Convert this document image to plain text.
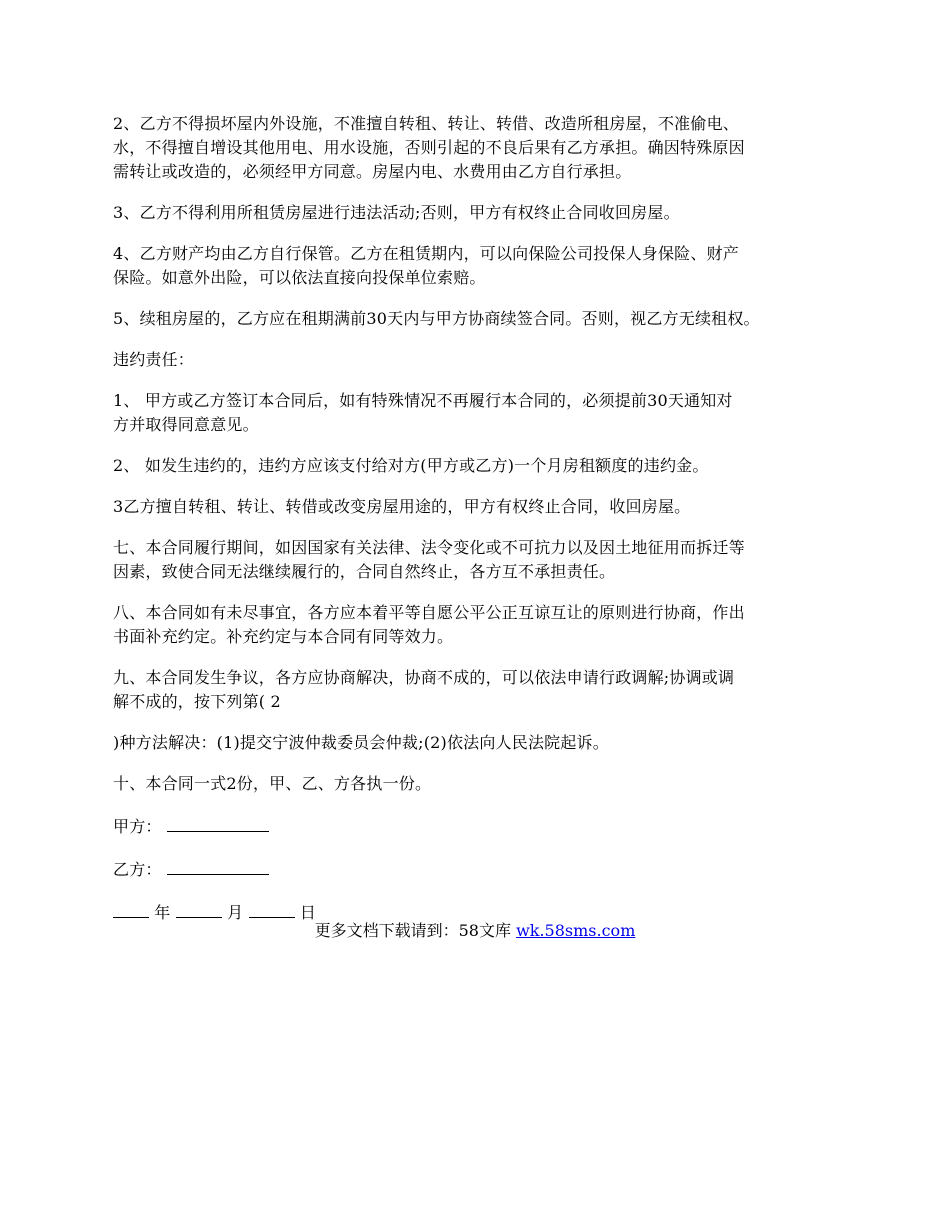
2、乙方不得损坏屋内外设施，不准擅自转租、转让、转借、改造所租房屋，不准偷电、
水，不得擅自增设其他用电、用水设施，否则引起的不良后果有乙方承担。确因特殊原因
需转让或改造的，必须经甲方同意。房屋内电、水费用由乙方自行承担。

3、乙方不得利用所租赁房屋进行违法活动;否则，甲方有权终止合同收回房屋。

4、乙方财产均由乙方自行保管。乙方在租赁期内，可以向保险公司投保人身保险、财产
保险。如意外出险，可以依法直接向投保单位索赔。

5、续租房屋的，乙方应在租期满前30天内与甲方协商续签合同。否则，视乙方无续租权。

违约责任：

1、 甲方或乙方签订本合同后，如有特殊情况不再履行本合同的，必须提前30天通知对
方并取得同意意见。

2、 如发生违约的，违约方应该支付给对方(甲方或乙方)一个月房租额度的违约金。

3乙方擅自转租、转让、转借或改变房屋用途的，甲方有权终止合同，收回房屋。

七、本合同履行期间，如因国家有关法律、法令变化或不可抗力以及因土地征用而拆迁等
因素，致使合同无法继续履行的，合同自然终止，各方互不承担责任。

八、本合同如有未尽事宜，各方应本着平等自愿公平公正互谅互让的原则进行协商，作出
书面补充约定。补充约定与本合同有同等效力。

九、本合同发生争议，各方应协商解决，协商不成的，可以依法申请行政调解;协调或调
解不成的，按下列第( 2

)种方法解决：(1)提交宁波仲裁委员会仲裁;(2)依法向人民法院起诉。

十、本合同一式2份，甲、乙、方各执一份。

甲方：

乙方：

年	月	日

更多文档下载请到：58文库 wk.58sms.com
